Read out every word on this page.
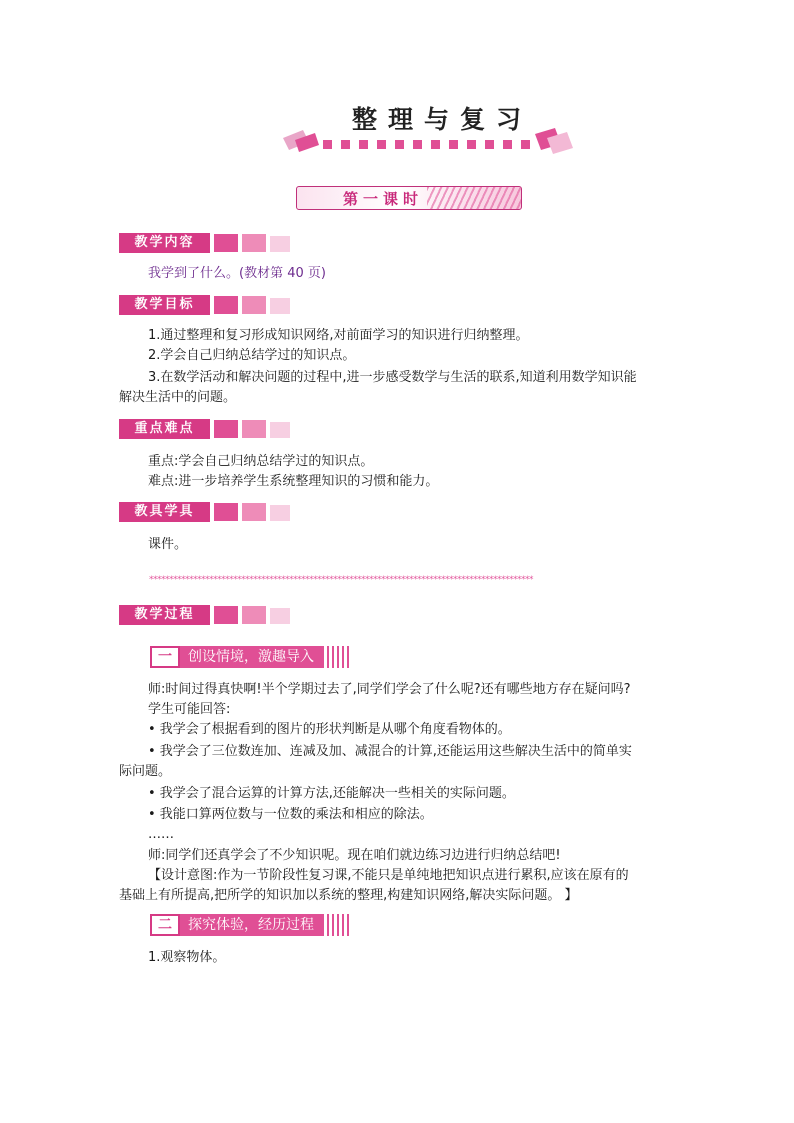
整理与复习
第一课时
教学内容
我学到了什么。(教材第 40 页)
教学目标
1.通过整理和复习形成知识网络,对前面学习的知识进行归纳整理。
2.学会自己归纳总结学过的知识点。
3.在数学活动和解决问题的过程中,进一步感受数学与生活的联系,知道利用数学知识能
解决生活中的问题。
重点难点
重点:学会自己归纳总结学过的知识点。
难点:进一步培养学生系统整理知识的习惯和能力。
教具学具
课件。
************************************************************************************************
教学过程
一	创设情境，激趣导入
师:时间过得真快啊!半个学期过去了,同学们学会了什么呢?还有哪些地方存在疑问吗?
学生可能回答:
• 我学会了根据看到的图片的形状判断是从哪个角度看物体的。
• 我学会了三位数连加、连减及加、减混合的计算,还能运用这些解决生活中的简单实
际问题。
• 我学会了混合运算的计算方法,还能解决一些相关的实际问题。
• 我能口算两位数与一位数的乘法和相应的除法。
……
师:同学们还真学会了不少知识呢。现在咱们就边练习边进行归纳总结吧!
【设计意图:作为一节阶段性复习课,不能只是单纯地把知识点进行累积,应该在原有的
基础上有所提高,把所学的知识加以系统的整理,构建知识网络,解决实际问题。 】
二	探究体验，经历过程
1.观察物体。
